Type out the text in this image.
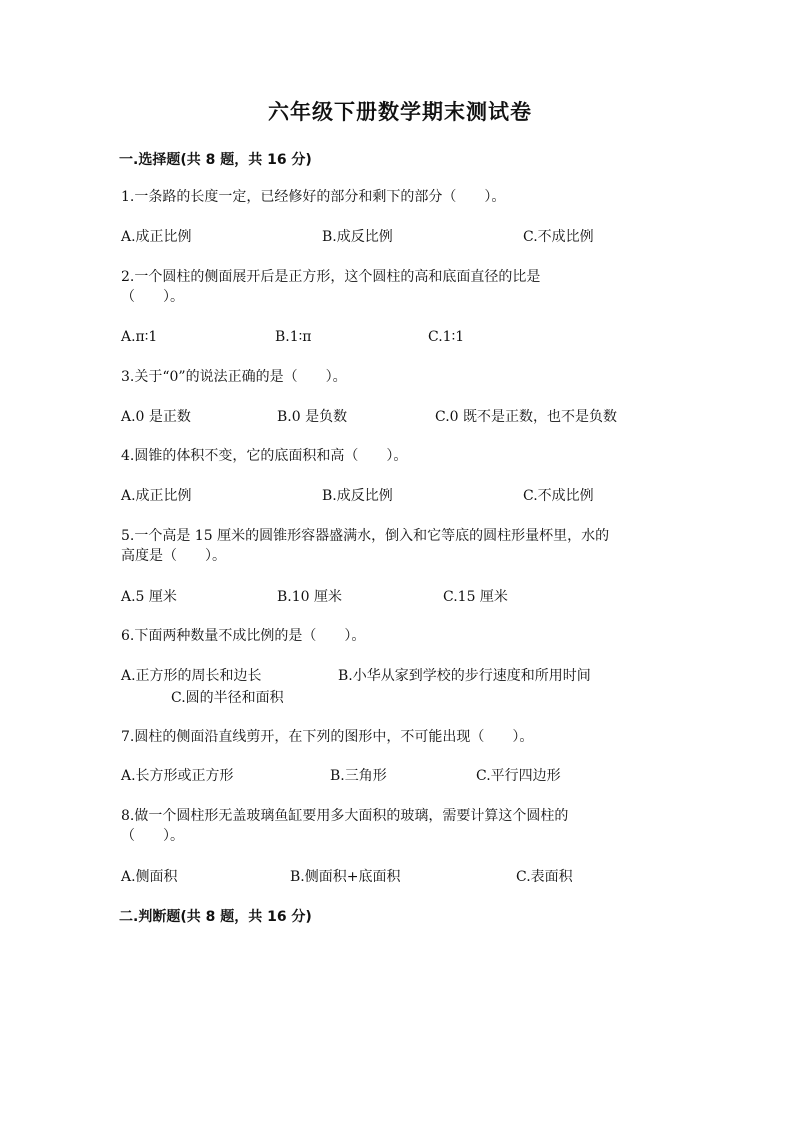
六年级下册数学期末测试卷
一.选择题(共 8 题，共 16 分)
1.一条路的长度一定，已经修好的部分和剩下的部分（　　）。
A.成正比例	B.成反比例	C.不成比例
2.一个圆柱的侧面展开后是正方形，这个圆柱的高和底面直径的比是
（　　）。
A.π∶1	B.1∶π	C.1∶1
3.关于“0”的说法正确的是（　　）。
A.0 是正数	B.0 是负数	C.0 既不是正数，也不是负数
4.圆锥的体积不变，它的底面积和高（　　）。
A.成正比例	B.成反比例	C.不成比例
5.一个高是 15 厘米的圆锥形容器盛满水，倒入和它等底的圆柱形量杯里，水的
高度是（　　）。
A.5 厘米	B.10 厘米	C.15 厘米
6.下面两种数量不成比例的是（　　）。
A.正方形的周长和边长	B.小华从家到学校的步行速度和所用时间
C.圆的半径和面积
7.圆柱的侧面沿直线剪开，在下列的图形中，不可能出现（　　）。
A.长方形或正方形	B.三角形	C.平行四边形
8.做一个圆柱形无盖玻璃鱼缸要用多大面积的玻璃，需要计算这个圆柱的
（　　）。
A.侧面积	B.侧面积+底面积	C.表面积
二.判断题(共 8 题，共 16 分)
